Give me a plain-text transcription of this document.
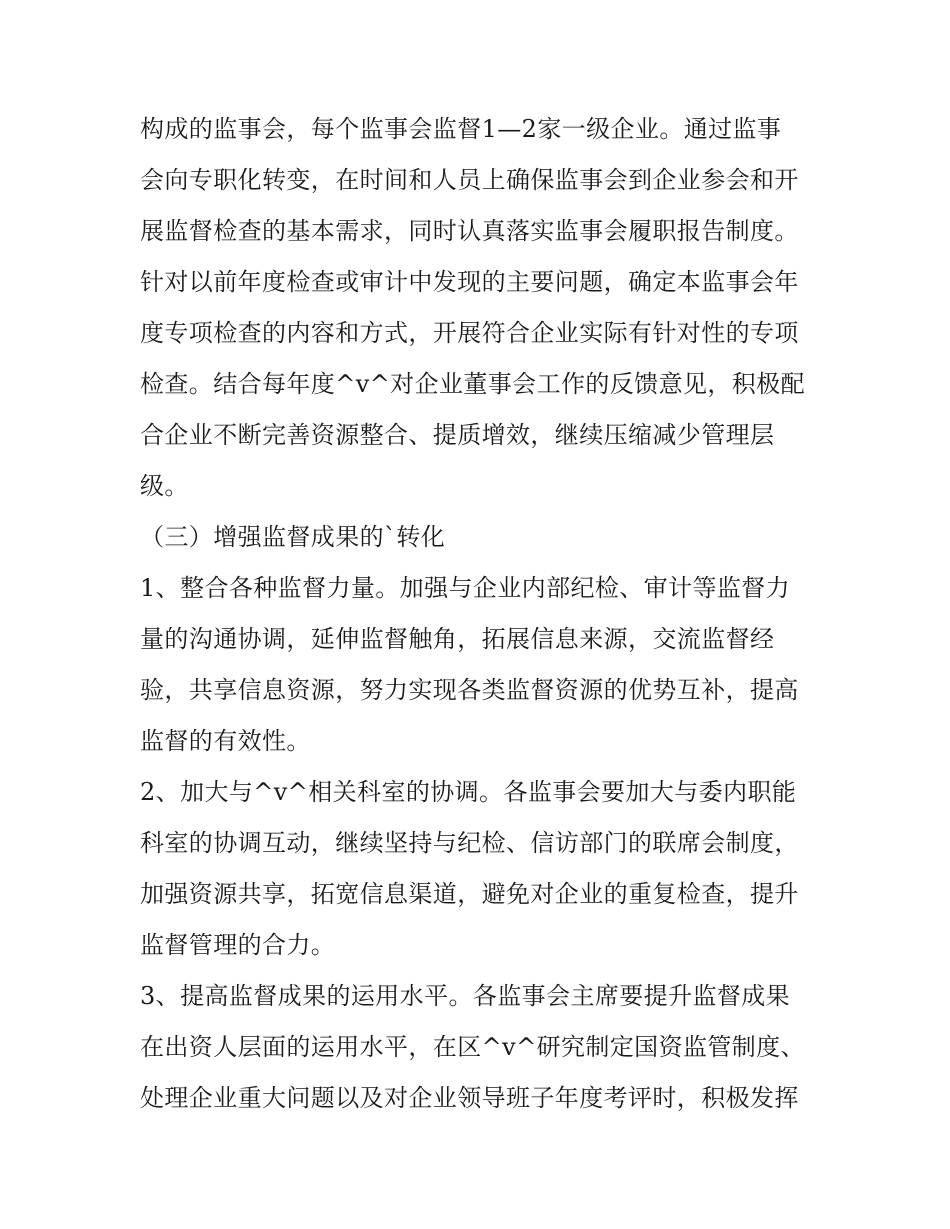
构成的监事会，每个监事会监督1—2家一级企业。通过监事
会向专职化转变，在时间和人员上确保监事会到企业参会和开
展监督检查的基本需求，同时认真落实监事会履职报告制度。
针对以前年度检查或审计中发现的主要问题，确定本监事会年
度专项检查的内容和方式，开展符合企业实际有针对性的专项
检查。结合每年度^v^对企业董事会工作的反馈意见，积极配
合企业不断完善资源整合、提质增效，继续压缩减少管理层
级。
（三）增强监督成果的`转化
1、整合各种监督力量。加强与企业内部纪检、审计等监督力
量的沟通协调，延伸监督触角，拓展信息来源，交流监督经
验，共享信息资源，努力实现各类监督资源的优势互补，提高
监督的有效性。
2、加大与^v^相关科室的协调。各监事会要加大与委内职能
科室的协调互动，继续坚持与纪检、信访部门的联席会制度，
加强资源共享，拓宽信息渠道，避免对企业的重复检查，提升
监督管理的合力。
3、提高监督成果的运用水平。各监事会主席要提升监督成果
在出资人层面的运用水平，在区^v^研究制定国资监管制度、
处理企业重大问题以及对企业领导班子年度考评时，积极发挥
